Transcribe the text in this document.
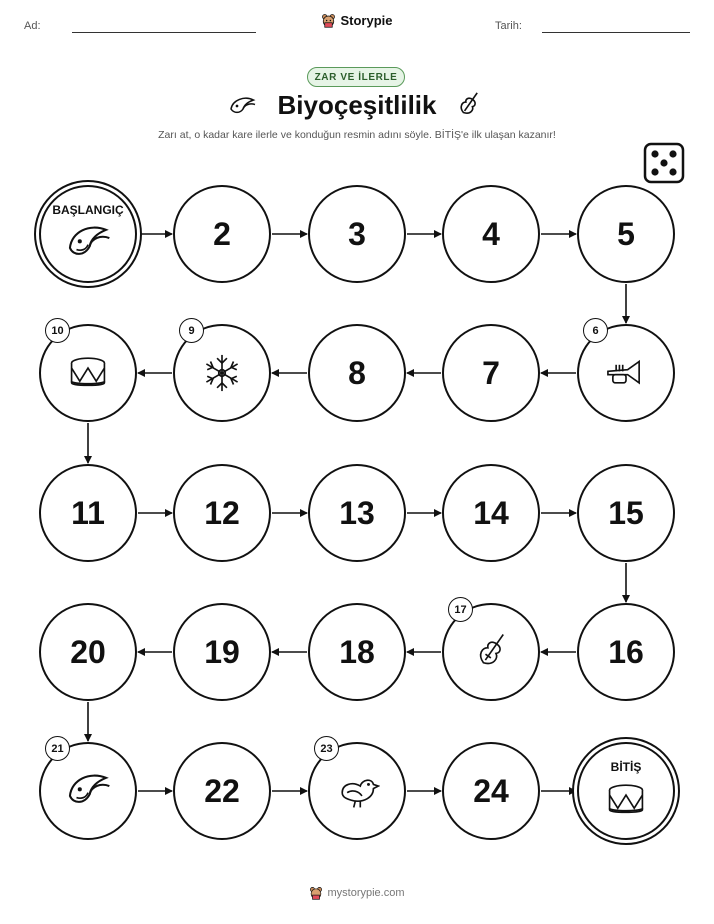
Ad:	Tarih:
Storypie
ZAR VE İLERLE
Biyoçeşitlilik
Zarı at, o kadar kare ilerle ve konduğun resmin adını söyle. BİTİŞ'e ilk ulaşan kazanır!
BAŞLANGIÇ
2	3	4	5
6
7
8
9
10
11	12	13	14	15
16
17
18
19
20
21
22
23
24
BİTİŞ
mystorypie.com
